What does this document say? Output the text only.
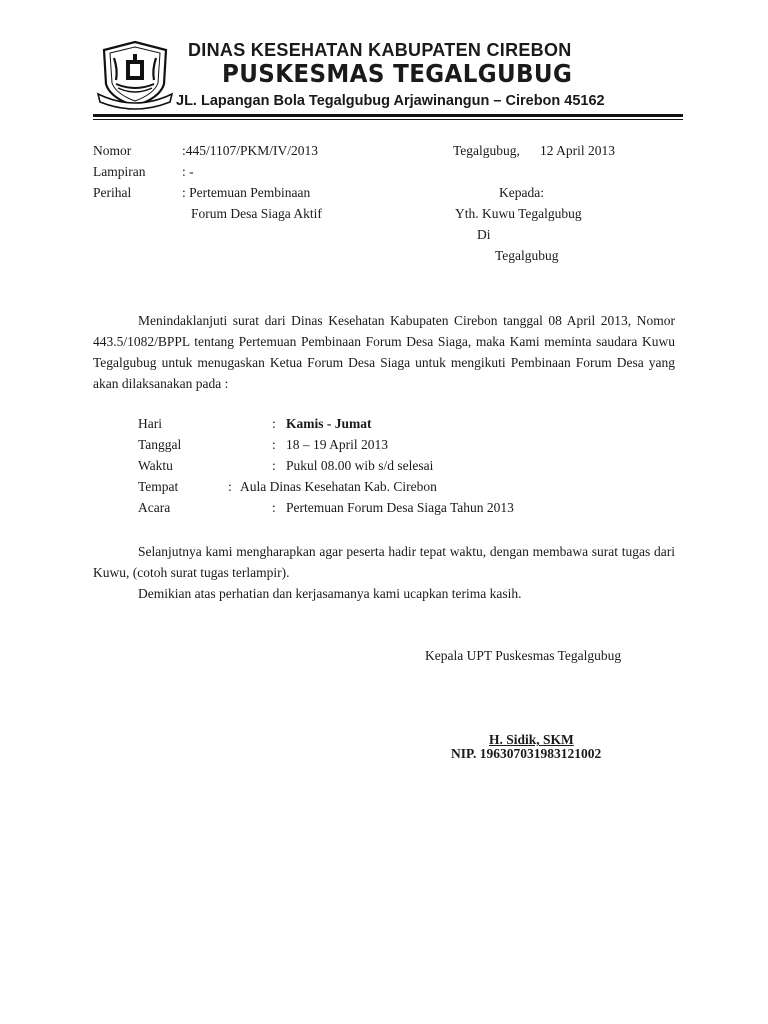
DINAS KESEHATAN KABUPATEN CIREBON
PUSKESMAS TEGALGUBUG
JL. Lapangan Bola Tegalgubug Arjawinangun – Cirebon 45162
Nomor	:445/1107/PKM/IV/2013
Lampiran	: -
Perihal	: Pertemuan Pembinaan
Forum Desa Siaga Aktif
Tegalgubug, 12 April 2013
Kepada:
Yth. Kuwu Tegalgubug
Di
Tegalgubug
Menindaklanjuti surat dari Dinas Kesehatan Kabupaten Cirebon tanggal 08 April 2013, Nomor 443.5/1082/BPPL tentang Pertemuan Pembinaan Forum Desa Siaga, maka Kami meminta saudara Kuwu Tegalgubug untuk menugaskan Ketua Forum Desa Siaga untuk mengikuti Pembinaan Forum Desa yang akan dilaksanakan pada :
Hari	: Kamis - Jumat
Tanggal	: 18 – 19 April 2013
Waktu	: Pukul 08.00 wib s/d selesai
Tempat	: Aula Dinas Kesehatan Kab. Cirebon
Acara	: Pertemuan Forum Desa Siaga Tahun 2013
Selanjutnya kami mengharapkan agar peserta hadir tepat waktu, dengan membawa surat tugas dari Kuwu, (cotoh surat tugas terlampir).
Demikian atas perhatian dan kerjasamanya kami ucapkan terima kasih.
Kepala UPT Puskesmas Tegalgubug
H. Sidik, SKM
NIP. 196307031983121002
